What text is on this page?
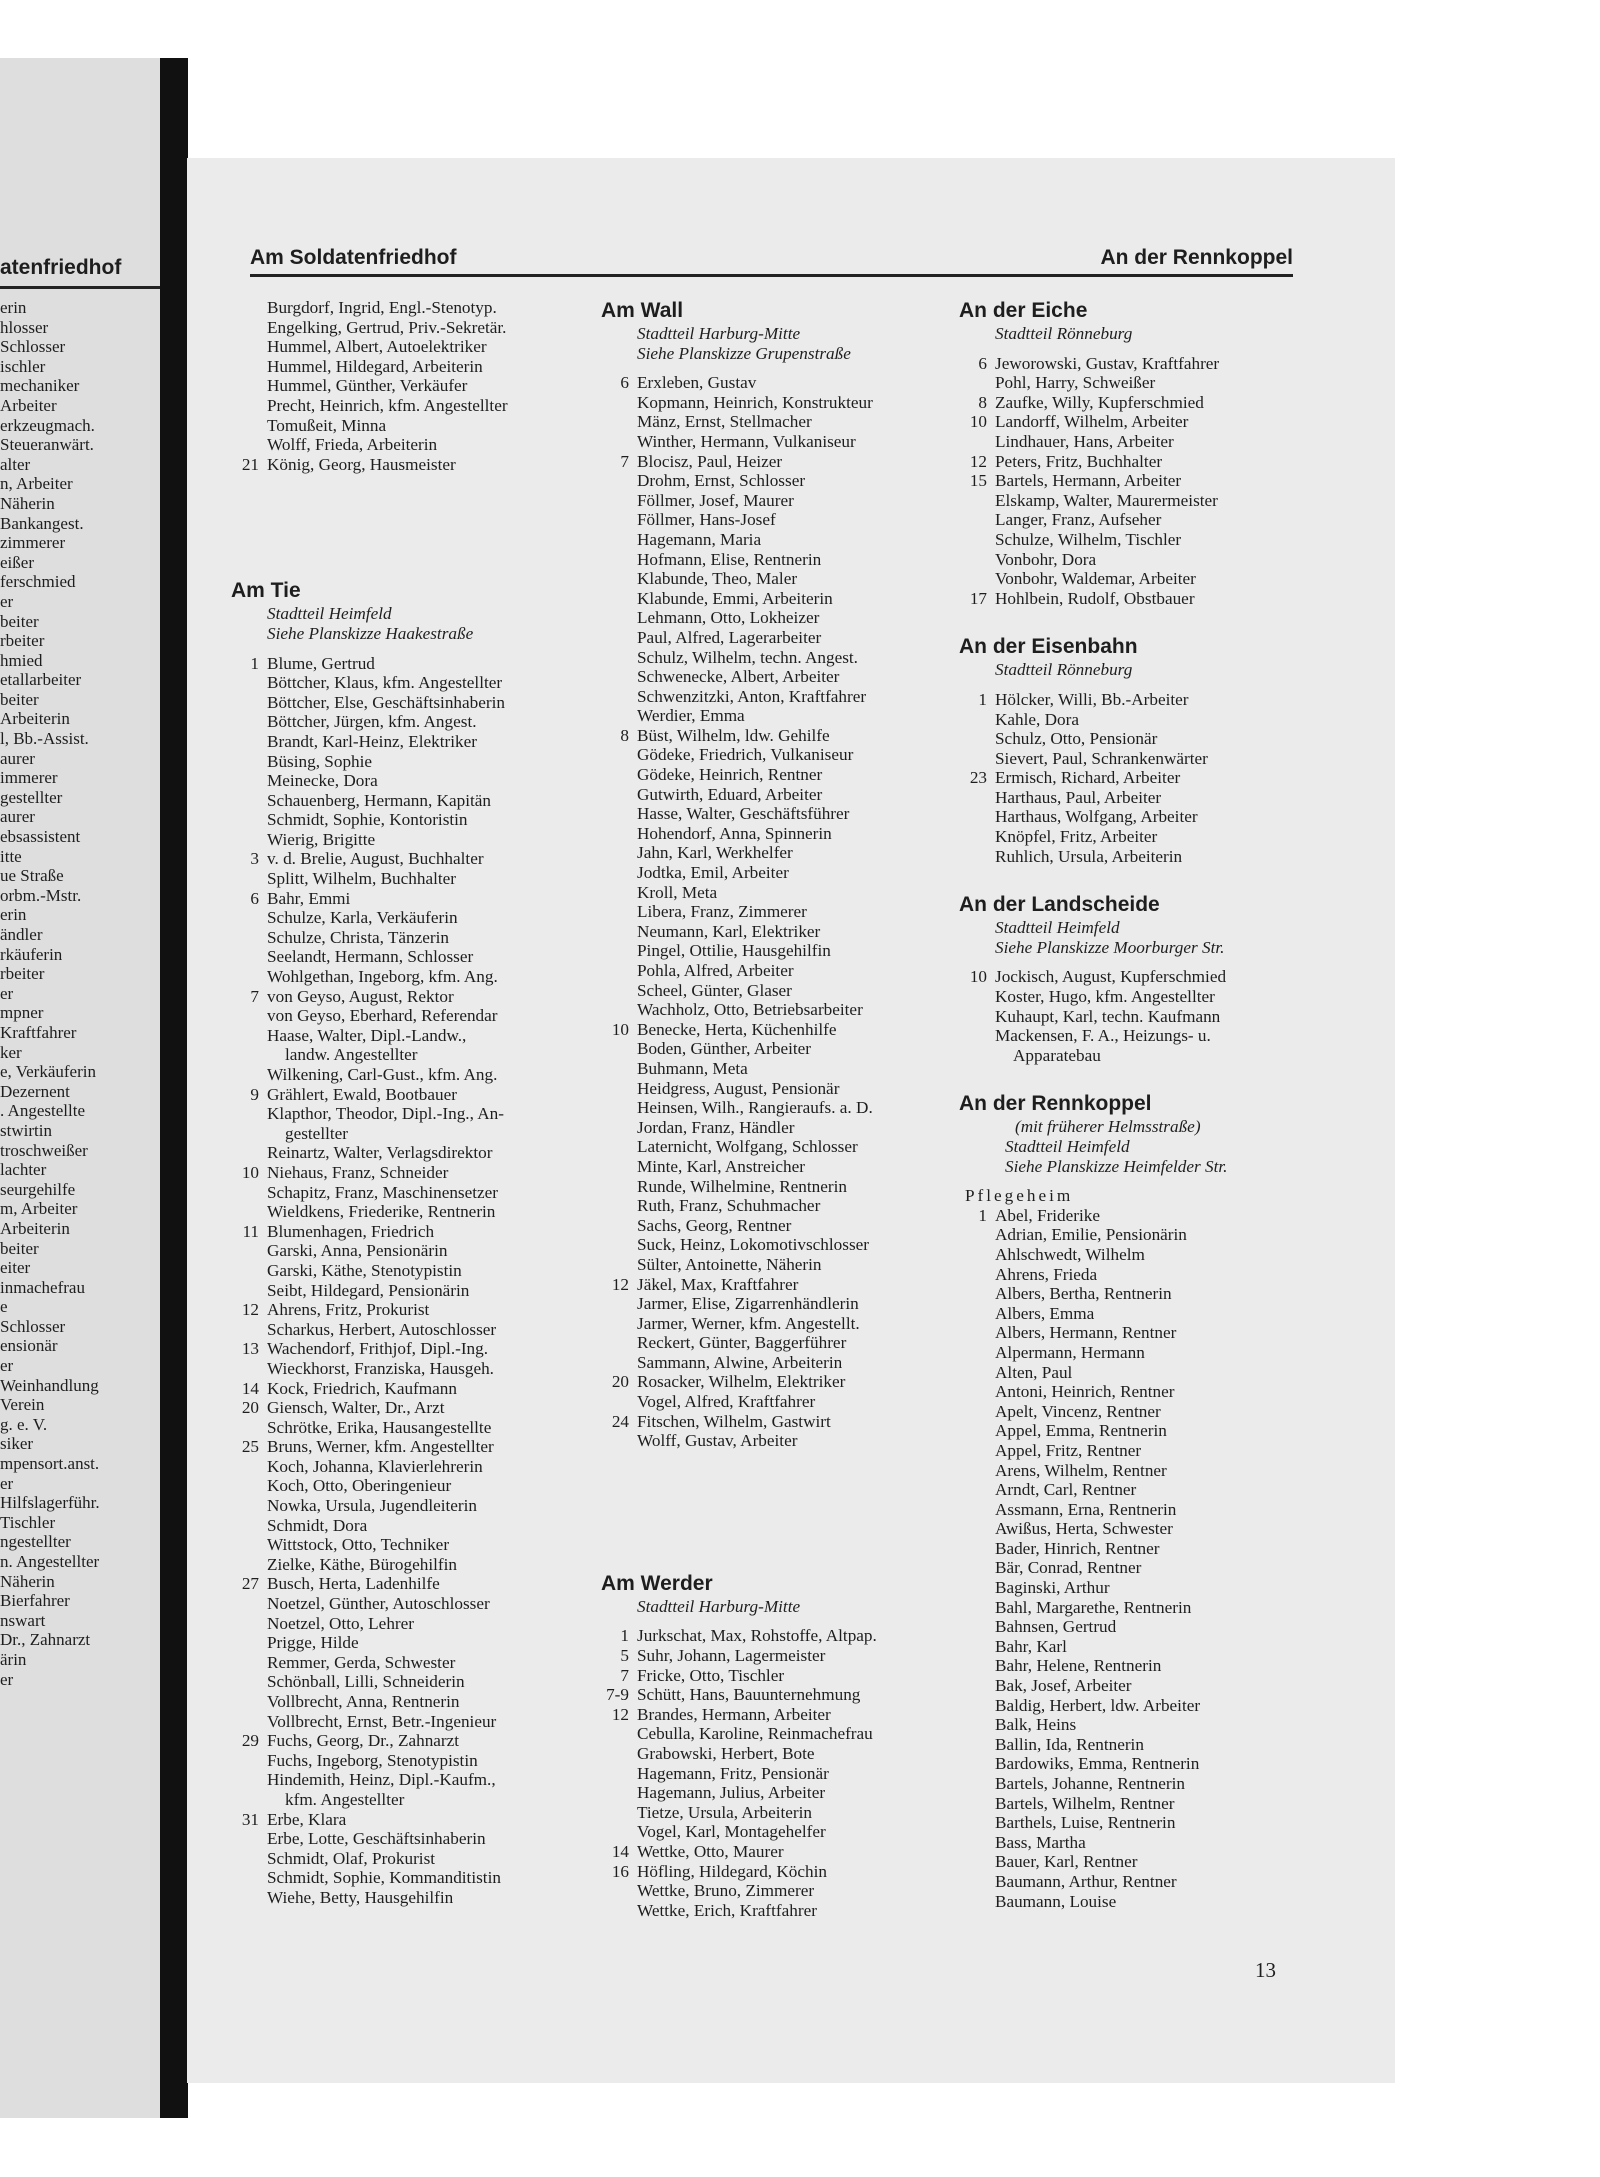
atenfriedhof
erin
hlosser
Schlosser
ischler
mechaniker
Arbeiter
erkzeugmach.
Steueranwärt.
alter
n, Arbeiter
Näherin
Bankangest.
zimmerer
eißer
ferschmied
er
beiter
rbeiter
hmied
etallarbeiter
beiter
Arbeiterin
l, Bb.-Assist.
aurer
immerer
gestellter
aurer
ebsassistent
itte
ue Straße
orbm.-Mstr.
erin
ändler
rkäuferin
rbeiter
er
mpner
Kraftfahrer
ker
e, Verkäuferin
Dezernent
. Angestellte
stwirtin
troschweißer
lachter
seurgehilfe
m, Arbeiter
Arbeiterin
beiter
eiter
inmachefrau
e
Schlosser
ensionär
er
Weinhandlung
Verein
g. e. V.
siker
mpensort.anst.
er
Hilfslagerführ.
Tischler
ngestellter
n. Angestellter
Näherin
Bierfahrer
nswart
Dr., Zahnarzt
ärin
er
Am Soldatenfriedhof	An der Rennkoppel
Burgdorf, Ingrid, Engl.-Stenotyp.
Engelking, Gertrud, Priv.-Sekretär.
Hummel, Albert, Autoelektriker
Hummel, Hildegard, Arbeiterin
Hummel, Günther, Verkäufer
Precht, Heinrich, kfm. Angestellter
Tomußeit, Minna
Wolff, Frieda, Arbeiterin
21 König, Georg, Hausmeister
Am Tie
Stadtteil Heimfeld
Siehe Planskizze Haakestraße
1 Blume, Gertrud
Böttcher, Klaus, kfm. Angestellter
Böttcher, Else, Geschäftsinhaberin
Böttcher, Jürgen, kfm. Angest.
Brandt, Karl-Heinz, Elektriker
Büsing, Sophie
Meinecke, Dora
Schauenberg, Hermann, Kapitän
Schmidt, Sophie, Kontoristin
Wierig, Brigitte
3 v. d. Brelie, August, Buchhalter
Splitt, Wilhelm, Buchhalter
6 Bahr, Emmi
Schulze, Karla, Verkäuferin
Schulze, Christa, Tänzerin
Seelandt, Hermann, Schlosser
Wohlgethan, Ingeborg, kfm. Ang.
7 von Geyso, August, Rektor
von Geyso, Eberhard, Referendar
Haase, Walter, Dipl.-Landw.,
landw. Angestellter
Wilkening, Carl-Gust., kfm. Ang.
9 Grählert, Ewald, Bootbauer
Klapthor, Theodor, Dipl.-Ing., An-
gestellter
Reinartz, Walter, Verlagsdirektor
10 Niehaus, Franz, Schneider
Schapitz, Franz, Maschinensetzer
Wieldkens, Friederike, Rentnerin
11 Blumenhagen, Friedrich
Garski, Anna, Pensionärin
Garski, Käthe, Stenotypistin
Seibt, Hildegard, Pensionärin
12 Ahrens, Fritz, Prokurist
Scharkus, Herbert, Autoschlosser
13 Wachendorf, Frithjof, Dipl.-Ing.
Wieckhorst, Franziska, Hausgeh.
14 Kock, Friedrich, Kaufmann
20 Giensch, Walter, Dr., Arzt
Schrötke, Erika, Hausangestellte
25 Bruns, Werner, kfm. Angestellter
Koch, Johanna, Klavierlehrerin
Koch, Otto, Oberingenieur
Nowka, Ursula, Jugendleiterin
Schmidt, Dora
Wittstock, Otto, Techniker
Zielke, Käthe, Bürogehilfin
27 Busch, Herta, Ladenhilfe
Noetzel, Günther, Autoschlosser
Noetzel, Otto, Lehrer
Prigge, Hilde
Remmer, Gerda, Schwester
Schönball, Lilli, Schneiderin
Vollbrecht, Anna, Rentnerin
Vollbrecht, Ernst, Betr.-Ingenieur
29 Fuchs, Georg, Dr., Zahnarzt
Fuchs, Ingeborg, Stenotypistin
Hindemith, Heinz, Dipl.-Kaufm.,
kfm. Angestellter
31 Erbe, Klara
Erbe, Lotte, Geschäftsinhaberin
Schmidt, Olaf, Prokurist
Schmidt, Sophie, Kommanditistin
Wiehe, Betty, Hausgehilfin
Am Wall
Stadtteil Harburg-Mitte
Siehe Planskizze Grupenstraße
6 Erxleben, Gustav
Kopmann, Heinrich, Konstrukteur
Mänz, Ernst, Stellmacher
Winther, Hermann, Vulkaniseur
7 Blocisz, Paul, Heizer
Drohm, Ernst, Schlosser
Föllmer, Josef, Maurer
Föllmer, Hans-Josef
Hagemann, Maria
Hofmann, Elise, Rentnerin
Klabunde, Theo, Maler
Klabunde, Emmi, Arbeiterin
Lehmann, Otto, Lokheizer
Paul, Alfred, Lagerarbeiter
Schulz, Wilhelm, techn. Angest.
Schwenecke, Albert, Arbeiter
Schwenzitzki, Anton, Kraftfahrer
Werdier, Emma
8 Büst, Wilhelm, ldw. Gehilfe
Gödeke, Friedrich, Vulkaniseur
Gödeke, Heinrich, Rentner
Gutwirth, Eduard, Arbeiter
Hasse, Walter, Geschäftsführer
Hohendorf, Anna, Spinnerin
Jahn, Karl, Werkhelfer
Jodtka, Emil, Arbeiter
Kroll, Meta
Libera, Franz, Zimmerer
Neumann, Karl, Elektriker
Pingel, Ottilie, Hausgehilfin
Pohla, Alfred, Arbeiter
Scheel, Günter, Glaser
Wachholz, Otto, Betriebsarbeiter
10 Benecke, Herta, Küchenhilfe
Boden, Günther, Arbeiter
Buhmann, Meta
Heidgress, August, Pensionär
Heinsen, Wilh., Rangieraufs. a. D.
Jordan, Franz, Händler
Laternicht, Wolfgang, Schlosser
Minte, Karl, Anstreicher
Runde, Wilhelmine, Rentnerin
Ruth, Franz, Schuhmacher
Sachs, Georg, Rentner
Suck, Heinz, Lokomotivschlosser
Sülter, Antoinette, Näherin
12 Jäkel, Max, Kraftfahrer
Jarmer, Elise, Zigarrenhändlerin
Jarmer, Werner, kfm. Angestellt.
Reckert, Günter, Baggerführer
Sammann, Alwine, Arbeiterin
20 Rosacker, Wilhelm, Elektriker
Vogel, Alfred, Kraftfahrer
24 Fitschen, Wilhelm, Gastwirt
Wolff, Gustav, Arbeiter
Am Werder
Stadtteil Harburg-Mitte
1 Jurkschat, Max, Rohstoffe, Altpap.
5 Suhr, Johann, Lagermeister
7 Fricke, Otto, Tischler
7-9 Schütt, Hans, Bauunternehmung
12 Brandes, Hermann, Arbeiter
Cebulla, Karoline, Reinmachefrau
Grabowski, Herbert, Bote
Hagemann, Fritz, Pensionär
Hagemann, Julius, Arbeiter
Tietze, Ursula, Arbeiterin
Vogel, Karl, Montagehelfer
14 Wettke, Otto, Maurer
16 Höfling, Hildegard, Köchin
Wettke, Bruno, Zimmerer
Wettke, Erich, Kraftfahrer
An der Eiche
Stadtteil Rönneburg
6 Jeworowski, Gustav, Kraftfahrer
Pohl, Harry, Schweißer
8 Zaufke, Willy, Kupferschmied
10 Landorff, Wilhelm, Arbeiter
Lindhauer, Hans, Arbeiter
12 Peters, Fritz, Buchhalter
15 Bartels, Hermann, Arbeiter
Elskamp, Walter, Maurermeister
Langer, Franz, Aufseher
Schulze, Wilhelm, Tischler
Vonbohr, Dora
Vonbohr, Waldemar, Arbeiter
17 Hohlbein, Rudolf, Obstbauer
An der Eisenbahn
Stadtteil Rönneburg
1 Hölcker, Willi, Bb.-Arbeiter
Kahle, Dora
Schulz, Otto, Pensionär
Sievert, Paul, Schrankenwärter
23 Ermisch, Richard, Arbeiter
Harthaus, Paul, Arbeiter
Harthaus, Wolfgang, Arbeiter
Knöpfel, Fritz, Arbeiter
Ruhlich, Ursula, Arbeiterin
An der Landscheide
Stadtteil Heimfeld
Siehe Planskizze Moorburger Str.
10 Jockisch, August, Kupferschmied
Koster, Hugo, kfm. Angestellter
Kuhaupt, Karl, techn. Kaufmann
Mackensen, F. A., Heizungs- u.
Apparatebau
An der Rennkoppel
(mit früherer Helmsstraße)
Stadtteil Heimfeld
Siehe Planskizze Heimfelder Str.
Pflegeheim
1 Abel, Friderike
Adrian, Emilie, Pensionärin
Ahlschwedt, Wilhelm
Ahrens, Frieda
Albers, Bertha, Rentnerin
Albers, Emma
Albers, Hermann, Rentner
Alpermann, Hermann
Alten, Paul
Antoni, Heinrich, Rentner
Apelt, Vincenz, Rentner
Appel, Emma, Rentnerin
Appel, Fritz, Rentner
Arens, Wilhelm, Rentner
Arndt, Carl, Rentner
Assmann, Erna, Rentnerin
Awißus, Herta, Schwester
Bader, Hinrich, Rentner
Bär, Conrad, Rentner
Baginski, Arthur
Bahl, Margarethe, Rentnerin
Bahnsen, Gertrud
Bahr, Karl
Bahr, Helene, Rentnerin
Bak, Josef, Arbeiter
Baldig, Herbert, ldw. Arbeiter
Balk, Heins
Ballin, Ida, Rentnerin
Bardowiks, Emma, Rentnerin
Bartels, Johanne, Rentnerin
Bartels, Wilhelm, Rentner
Barthels, Luise, Rentnerin
Bass, Martha
Bauer, Karl, Rentner
Baumann, Arthur, Rentner
Baumann, Louise
13
